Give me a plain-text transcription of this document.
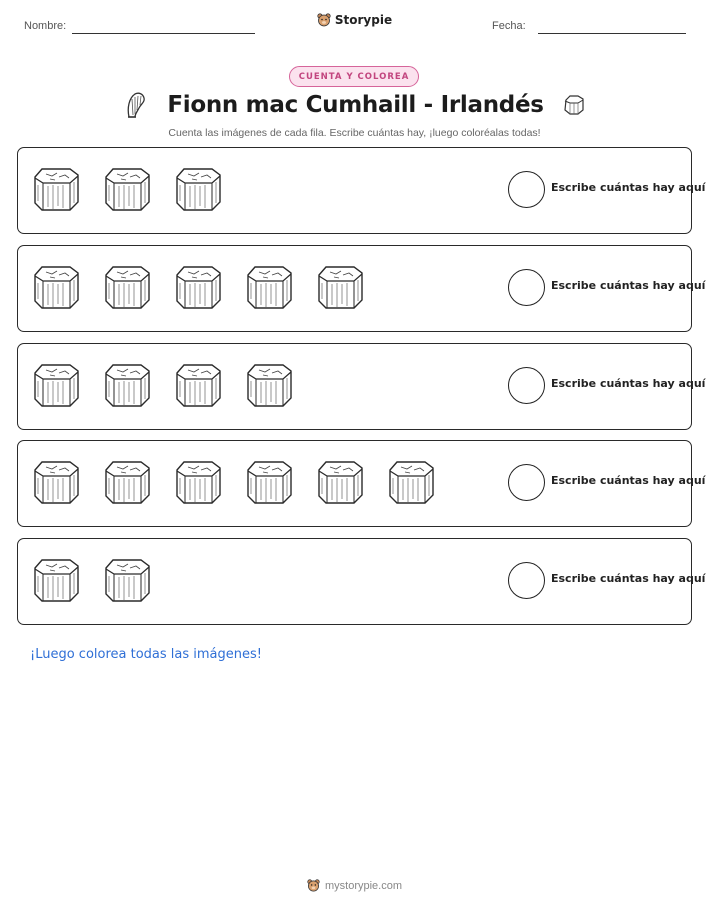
Nombre:	Storypie	Fecha:
CUENTA Y COLOREA
Fionn mac Cumhaill - Irlandés
Cuenta las imágenes de cada fila. Escribe cuántas hay, ¡luego coloréalas todas!
Escribe cuántas hay aquí
Escribe cuántas hay aquí
Escribe cuántas hay aquí
Escribe cuántas hay aquí
Escribe cuántas hay aquí
¡Luego colorea todas las imágenes!
mystorypie.com
